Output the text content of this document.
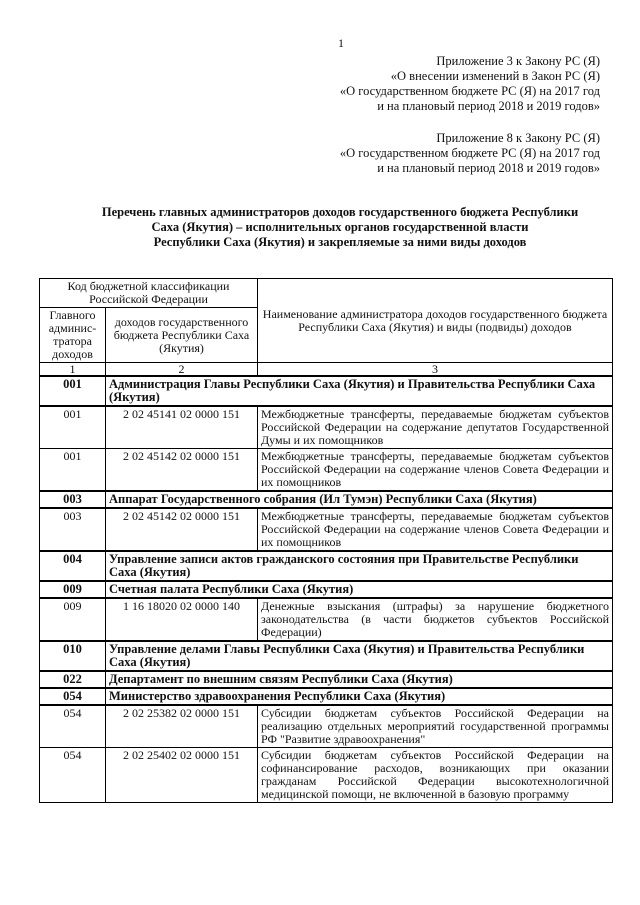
1
Приложение 3 к Закону РС (Я)
«О внесении изменений в Закон РС (Я)
«О государственном бюджете РС (Я) на 2017 год
и на плановый период 2018 и 2019 годов»
Приложение 8 к Закону РС (Я)
«О государственном бюджете РС (Я) на 2017 год
и на плановый период 2018 и 2019 годов»
Перечень главных администраторов доходов государственного бюджета Республики
Саха (Якутия) – исполнительных органов государственной власти
Республики Саха (Якутия) и закрепляемые за ними виды доходов
Код бюджетной классификации Российской Федерации		Наименование администратора доходов государственного бюджета Республики Саха (Якутия) и виды (подвиды) доходов
Главного админис-тратора доходов	доходов государственного бюджета Республики Саха (Якутия)	
1	2	3
001	Администрация Главы Республики Саха (Якутия) и Правительства Республики Саха (Якутия)	
001	2 02 45141 02 0000 151	Межбюджетные трансферты, передаваемые бюджетам субъектов Российской Федерации на содержание депутатов Государственной Думы и их помощников
001	2 02 45142 02 0000 151	Межбюджетные трансферты, передаваемые бюджетам субъектов Российской Федерации на содержание членов Совета Федерации и их помощников
003	Аппарат Государственного собрания (Ил Тумэн) Республики Саха (Якутия)	
003	2 02 45142 02 0000 151	Межбюджетные трансферты, передаваемые бюджетам субъектов Российской Федерации на содержание членов Совета Федерации и их помощников
004	Управление записи актов гражданского состояния при Правительстве Республики Саха (Якутия)	
009	Счетная палата Республики Саха (Якутия)	
009	1 16 18020 02 0000 140	Денежные взыскания (штрафы) за нарушение бюджетного законодательства (в части бюджетов субъектов Российской Федерации)
010	Управление делами Главы Республики Саха (Якутия) и Правительства Республики Саха (Якутия)	
022	Департамент по внешним связям Республики Саха (Якутия)	
054	Министерство здравоохранения Республики Саха (Якутия)	
054	2 02 25382 02 0000 151	Субсидии бюджетам субъектов Российской Федерации на реализацию отдельных мероприятий государственной программы РФ "Развитие здравоохранения"
054	2 02 25402 02 0000 151	Субсидии бюджетам субъектов Российской Федерации на софинансирование расходов, возникающих при оказании гражданам Российской Федерации высокотехнологичной медицинской помощи, не включенной в базовую программу
